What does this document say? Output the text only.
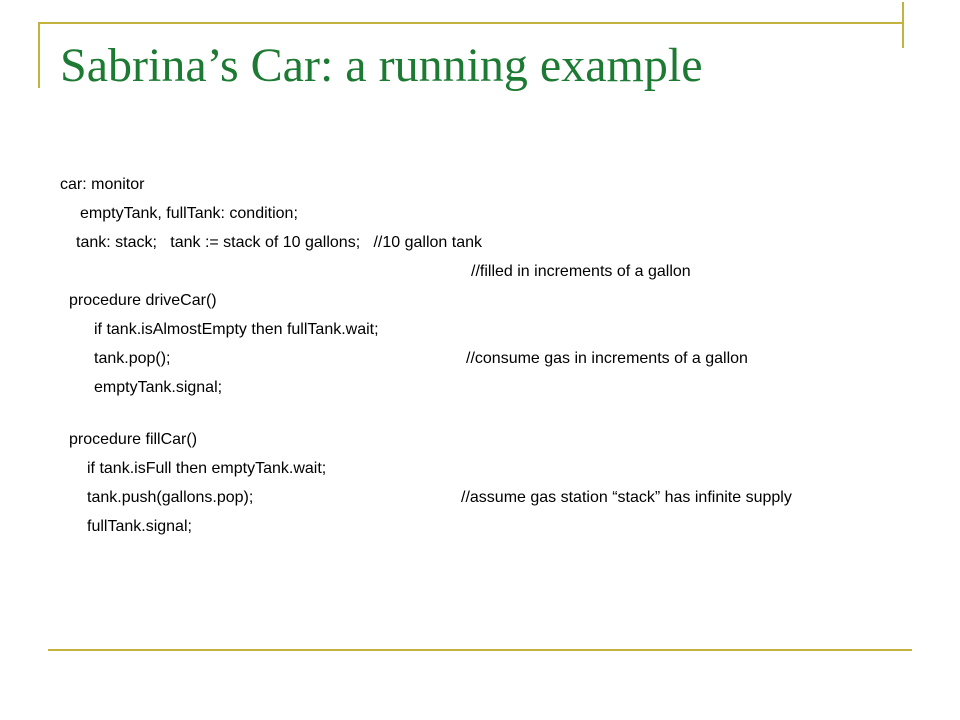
Sabrina’s Car: a running example
car: monitor
emptyTank, fullTank: condition;
tank: stack;   tank := stack of 10 gallons;   //10 gallon tank
//filled in increments of a gallon
procedure driveCar()
if tank.isAlmostEmpty then fullTank.wait;
tank.pop();	//consume gas in increments of a gallon
emptyTank.signal;
procedure fillCar()
if tank.isFull then emptyTank.wait;
tank.push(gallons.pop);	//assume gas station “stack” has infinite supply
fullTank.signal;
